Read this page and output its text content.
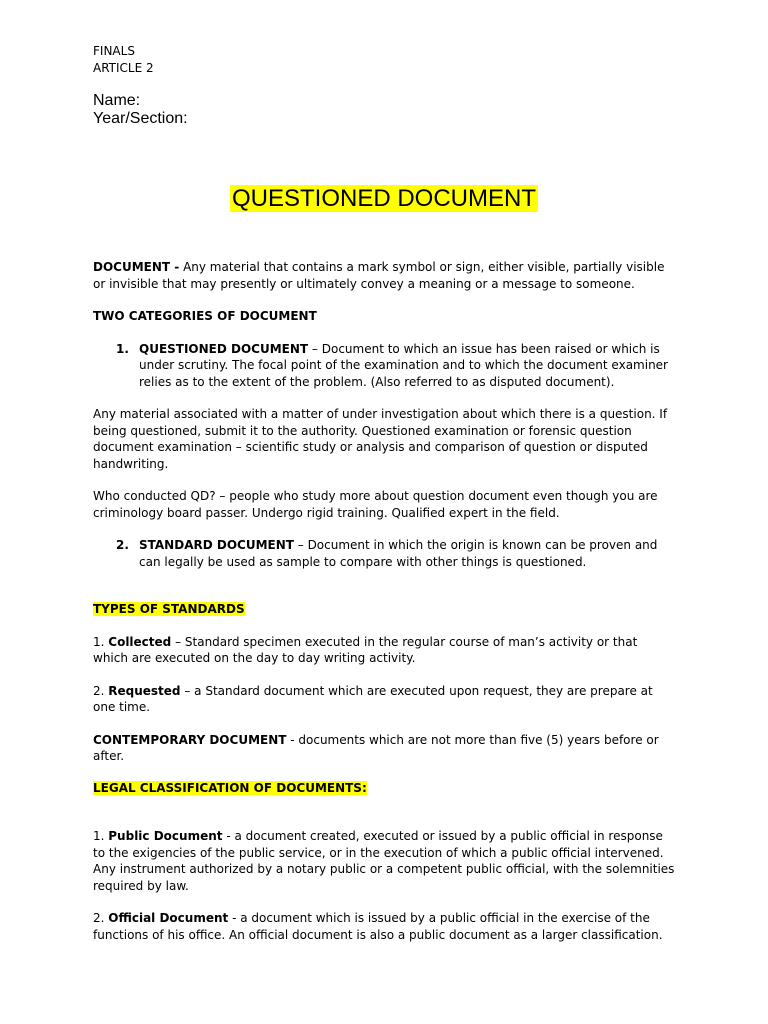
FINALS
ARTICLE 2
Name:
Year/Section:
QUESTIONED DOCUMENT

DOCUMENT - Any material that contains a mark symbol or sign, either visible, partially visible or invisible that may presently or ultimately convey a meaning or a message to someone.

TWO CATEGORIES OF DOCUMENT

1. QUESTIONED DOCUMENT – Document to which an issue has been raised or which is under scrutiny. The focal point of the examination and to which the document examiner relies as to the extent of the problem. (Also referred to as disputed document).

Any material associated with a matter of under investigation about which there is a question. If being questioned, submit it to the authority. Questioned examination or forensic question document examination – scientific study or analysis and comparison of question or disputed handwriting.

Who conducted QD? – people who study more about question document even though you are criminology board passer. Undergo rigid training. Qualified expert in the field.

2. STANDARD DOCUMENT – Document in which the origin is known can be proven and can legally be used as sample to compare with other things is questioned.

TYPES OF STANDARDS

1. Collected – Standard specimen executed in the regular course of man’s activity or that which are executed on the day to day writing activity.

2. Requested – a Standard document which are executed upon request, they are prepare at one time.

CONTEMPORARY DOCUMENT - documents which are not more than five (5) years before or after.

LEGAL CLASSIFICATION OF DOCUMENTS:

1. Public Document - a document created, executed or issued by a public official in response to the exigencies of the public service, or in the execution of which a public official intervened. Any instrument authorized by a notary public or a competent public official, with the solemnities required by law.

2. Official Document - a document which is issued by a public official in the exercise of the functions of his office. An official document is also a public document as a larger classification.
